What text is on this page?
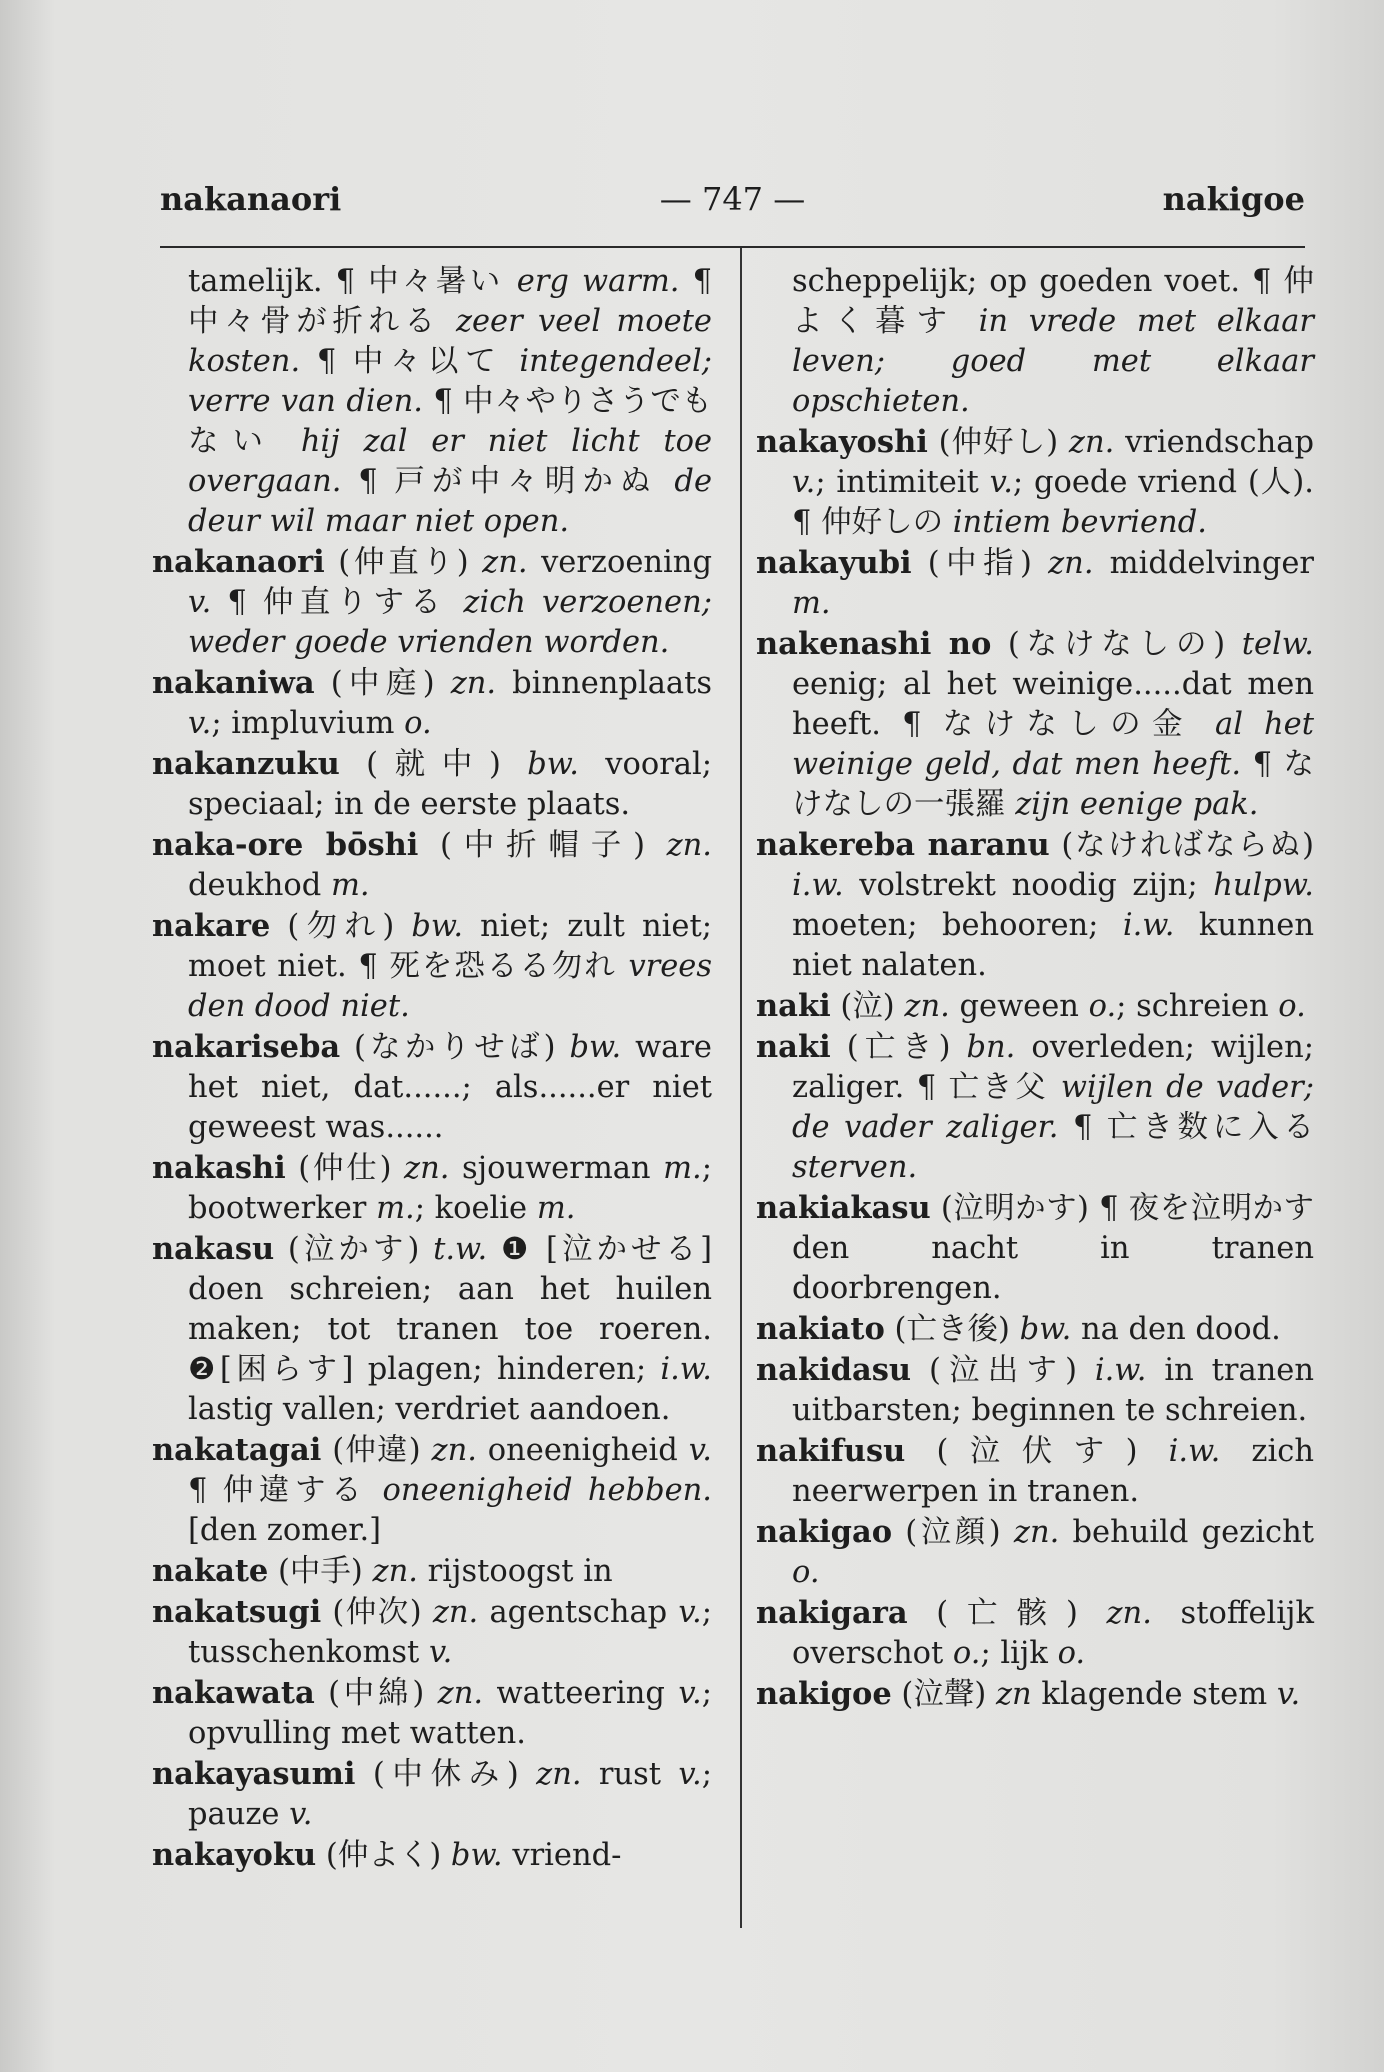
nakanaori	— 747 —	nakigoe
tamelijk. ¶ 中々暑い erg warm. ¶ 中々骨が折れる zeer veel moete kosten. ¶ 中々以て integendeel; verre van dien. ¶ 中々やりさうでもない hij zal er niet licht toe overgaan. ¶ 戸が中々明かぬ de deur wil maar niet open.
nakanaori (仲直り) zn. verzoening v. ¶ 仲直りする zich verzoenen; weder goede vrienden worden.
nakaniwa (中庭) zn. binnenplaats v.; impluvium o.
nakanzuku (就中) bw. vooral; speciaal; in de eerste plaats.
naka-ore bōshi (中折帽子) zn. deukhod m.
nakare (勿れ) bw. niet; zult niet; moet niet. ¶ 死を恐るる勿れ vrees den dood niet.
nakariseba (なかりせば) bw. ware het niet, dat......; als......er niet geweest was......
nakashi (仲仕) zn. sjouwerman m.; bootwerker m.; koelie m.
nakasu (泣かす) t.w. ❶ [泣かせる] doen schreien; aan het huilen maken; tot tranen toe roeren. ❷[困らす] plagen; hinderen; i.w. lastig vallen; verdriet aandoen.
nakatagai (仲違) zn. oneenigheid v. ¶ 仲違する oneenigheid hebben. [den zomer.]
nakate (中手) zn. rijstoogst in
nakatsugi (仲次) zn. agentschap v.; tusschenkomst v.
nakawata (中綿) zn. watteering v.; opvulling met watten.
nakayasumi (中休み) zn. rust v.; pauze v.
nakayoku (仲よく) bw. vriend-
scheppelijk; op goeden voet. ¶ 仲よく暮す in vrede met elkaar leven; goed met elkaar opschieten.
nakayoshi (仲好し) zn. vriendschap v.; intimiteit v.; goede vriend (人). ¶ 仲好しの intiem bevriend.
nakayubi (中指) zn. middelvinger m.
nakenashi no (なけなしの) telw. eenig; al het weinige.....dat men heeft. ¶ なけなしの金 al het weinige geld, dat men heeft. ¶ なけなしの一張羅 zijn eenige pak.
nakereba naranu (なければならぬ) i.w. volstrekt noodig zijn; hulpw. moeten; behooren; i.w. kunnen niet nalaten.
naki (泣) zn. geween o.; schreien o.
naki (亡き) bn. overleden; wijlen; zaliger. ¶ 亡き父 wijlen de vader; de vader zaliger. ¶ 亡き数に入る sterven.
nakiakasu (泣明かす) ¶ 夜を泣明かす den nacht in tranen doorbrengen.
nakiato (亡き後) bw. na den dood.
nakidasu (泣出す) i.w. in tranen uitbarsten; beginnen te schreien.
nakifusu (泣伏す) i.w. zich neerwerpen in tranen.
nakigao (泣顔) zn. behuild gezicht o.
nakigara (亡骸) zn. stoffelijk overschot o.; lijk o.
nakigoe (泣聲) zn klagende stem v.
